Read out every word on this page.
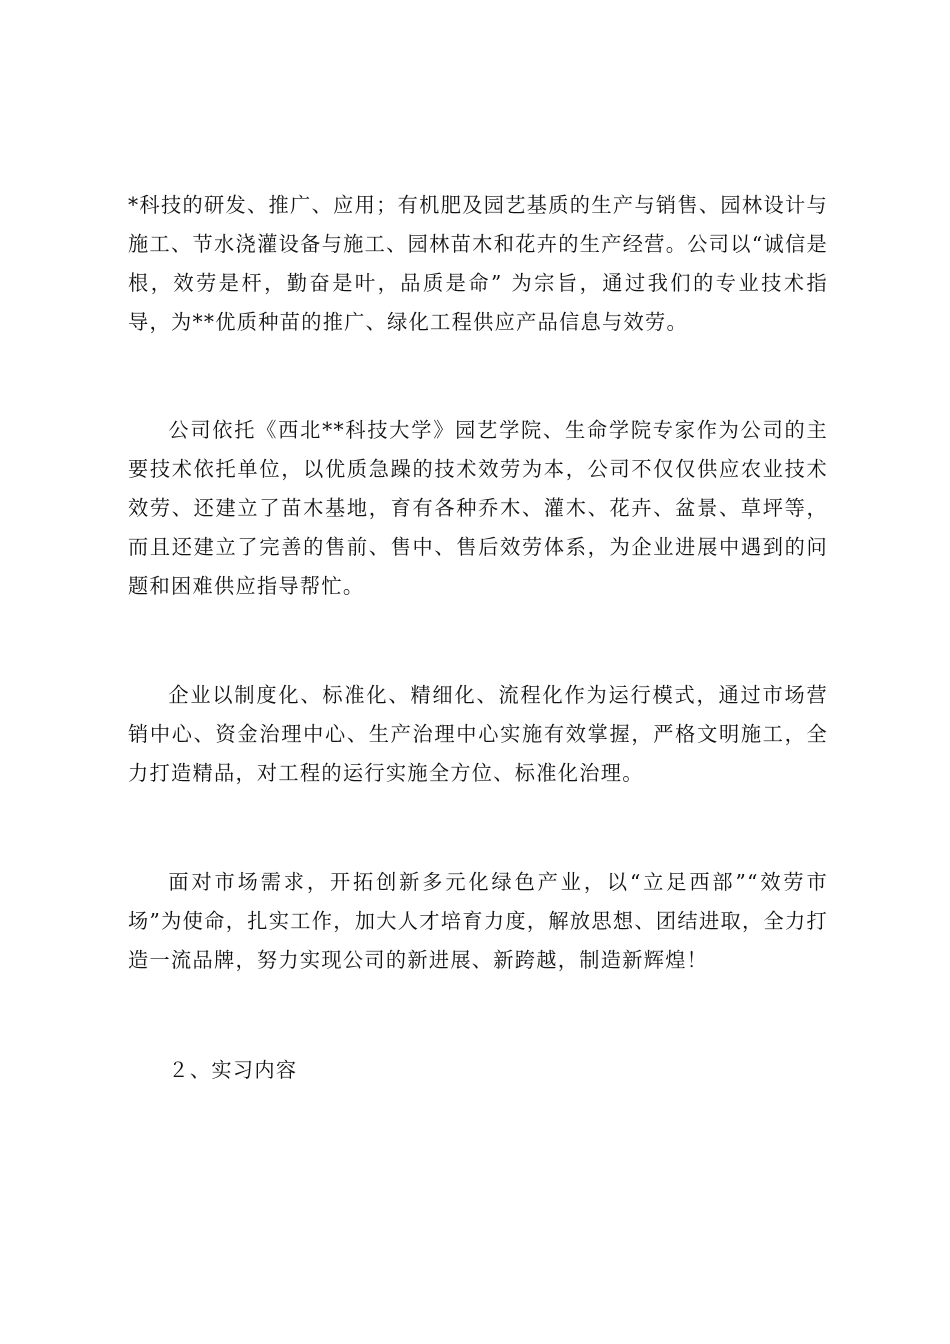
*科技的研发、推广、应用；有机肥及园艺基质的生产与销售、园林设计与施工、节水浇灌设备与施工、园林苗木和花卉的生产经营。公司以“诚信是根，效劳是杆，勤奋是叶，品质是命” 为宗旨，通过我们的专业技术指导，为**优质种苗的推广、绿化工程供应产品信息与效劳。

公司依托《西北**科技大学》园艺学院、生命学院专家作为公司的主要技术依托单位，以优质急躁的技术效劳为本，公司不仅仅供应农业技术效劳、还建立了苗木基地，育有各种乔木、灌木、花卉、盆景、草坪等，而且还建立了完善的售前、售中、售后效劳体系，为企业进展中遇到的问题和困难供应指导帮忙。

企业以制度化、标准化、精细化、流程化作为运行模式，通过市场营销中心、资金治理中心、生产治理中心实施有效掌握，严格文明施工，全力打造精品，对工程的运行实施全方位、标准化治理。

面对市场需求，开拓创新多元化绿色产业，以“立足西部”“效劳市场”为使命，扎实工作，加大人才培育力度，解放思想、团结进取，全力打造一流品牌，努力实现公司的新进展、新跨越，制造新辉煌！

２、实习内容
